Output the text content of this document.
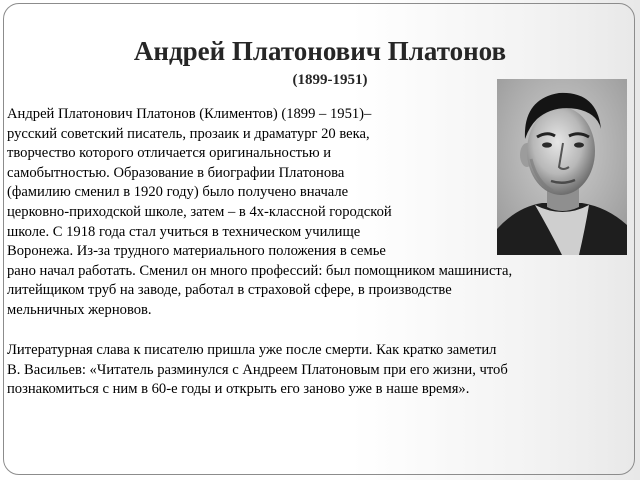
Андрей Платонович Платонов
(1899-1951)
Андрей Платонович Платонов (Климентов) (1899 – 1951)–
русский советский писатель, прозаик и драматург 20 века,
творчество которого отличается оригинальностью и
самобытностью. Образование в биографии Платонова
(фамилию сменил в 1920 году) было получено вначале
церковно-приходской школе, затем – в 4х-классной городской
школе. С 1918 года стал учиться в техническом училище
Воронежа. Из-за трудного материального положения в семье
рано начал работать. Сменил он много профессий: был помощником машиниста,
литейщиком труб на заводе, работал в страховой сфере, в производстве
мельничных жерновов.
Литературная слава к писателю пришла уже после смерти. Как кратко заметил
В. Васильев: «Читатель разминулся с Андреем Платоновым при его жизни, чтоб
познакомиться с ним в 60-е годы и открыть его заново уже в наше время».
